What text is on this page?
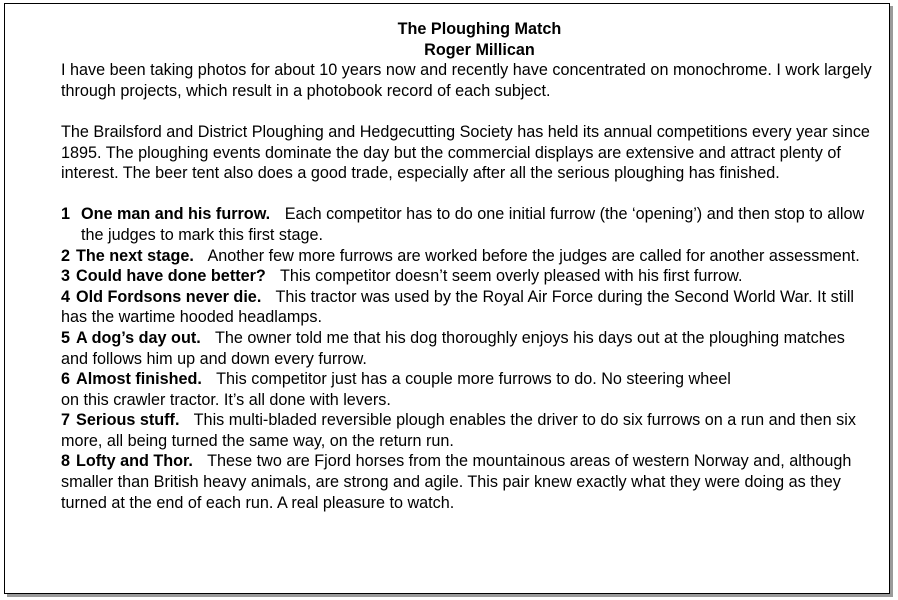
The Ploughing Match
Roger Millican

I have been taking photos for about 10 years now and recently have concentrated on monochrome. I work largely through projects, which result in a photobook record of each subject.

The Brailsford and District Ploughing and Hedgecutting Society has held its annual competitions every year since 1895. The ploughing events dominate the day but the commercial displays are extensive and attract plenty of interest. The beer tent also does a good trade, especially after all the serious ploughing has finished.

1 One man and his furrow. Each competitor has to do one initial furrow (the ‘opening’) and then stop to allow the judges to mark this first stage.

2 The next stage. Another few more furrows are worked before the judges are called for another assessment.

3 Could have done better? This competitor doesn’t seem overly pleased with his first furrow.

4 Old Fordsons never die. This tractor was used by the Royal Air Force during the Second World War. It still has the wartime hooded headlamps.

5 A dog’s day out. The owner told me that his dog thoroughly enjoys his days out at the ploughing matches and follows him up and down every furrow.

6 Almost finished. This competitor just has a couple more furrows to do. No steering wheel
on this crawler tractor. It’s all done with levers.

7 Serious stuff. This multi-bladed reversible plough enables the driver to do six furrows on a run and then six more, all being turned the same way, on the return run.

8 Lofty and Thor. These two are Fjord horses from the mountainous areas of western Norway and, although smaller than British heavy animals, are strong and agile. This pair knew exactly what they were doing as they turned at the end of each run. A real pleasure to watch.
